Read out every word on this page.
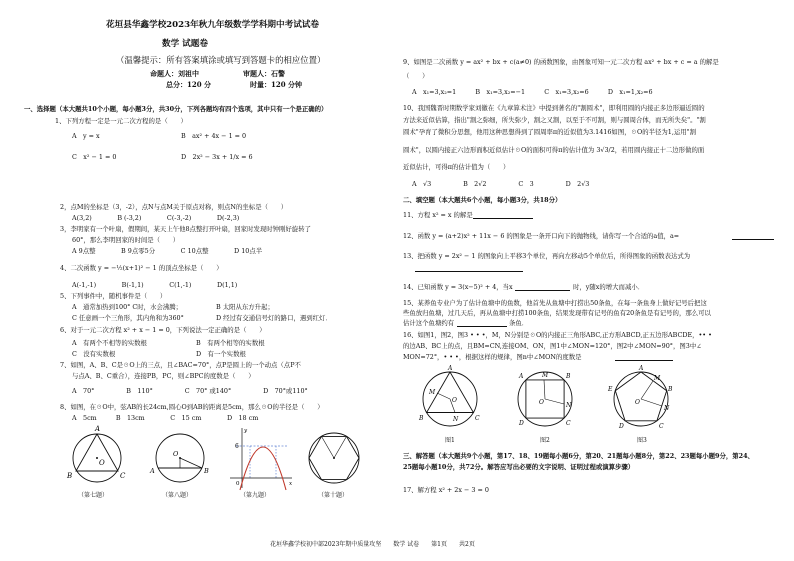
花垣县华鑫学校2023年秋九年级数学学科期中考试试卷
数学 试题卷
（温馨提示：所有答案填涂或填写到答题卡的相应位置）
命题人：刘祖中	审题人：石警
总分：120 分	时量：120 分钟
一、选择题（本大题共10个小题，每小题3分，共30分，下列各题均有四个选项，其中只有一个是正确的）
1、下列方程一定是一元二次方程的是（　　）
A　y = x	B　ax² + 4x − 1 = 0
C　x² − 1 = 0	D　2x² − 3x + 1/x = 6
2，点M的坐标是（3，-2），点N与点M关于原点对称，则点N的坐标是（　　）
A(3,2)　　　　B (-3,2)　　　　C(-3,-2)　　　　D(-2,3)
3，李明家有一个叶扇，假期间，某天上午他8点整打开叶扇，回家时发现时钟刚好旋转了
60°，那么李明回家的时间是（　　）
A 9点整　　　　B 9点零5分　　　　C 10点整　　　　D 10点半
4、二次函数 y = −½(x+1)² − 1 的顶点坐标是（　　）
A(-1,-1)　　　　B(-1,1)　　　　C(1,-1)　　　　D(1,1)
5、下列事件中，随机事件是（　　）
A　通常加热到100° C时，水会沸腾；	B 太阳从东方升起；
C 任意画一个三角形，其内角和为360°	D 经过有交通信号灯的路口，遇到红灯．
6、对于一元二次方程 x² + x − 1 = 0，下列说法一定正确的是（　　）
A　有两个不相等的实数根	B　有两个相等的实数根
C　没有实数根	D　有一个实数根
7、如图，A、B、C是☉O上的三点，且∠BAC=70°，点P是圆上的一个动点（点P不
与点A、B、C重合），连接PB，PC，则∠BPC的度数是（　　）
A　70°　　　　　B　110°　　　　　C　70° 或140°　　　　　D　70°或110°
8、如图，在☉O中，弦AB的长24cm,圆心O到AB的距离是5cm，那么☉O的半径是（　　）
A　5cm　　　B　13cm　　　　C　15 cm　　　　D　18 cm
A
B	C
O
（第七题）
O
A	B
（第八题）
6
0	x
y
（第九题）	（第十题）
9、如图是二次函数 y = ax² + bx + c(a≠0) 的函数图象，由图象可知一元二次方程 ax² + bx + c = a 的解是
（　　）
A　x₁=3,x₂=1　　　B　x₁=3,x₂=−1　　　C　x₁=3,x₂=6　　　D　x₁=1,x₂=6
10、我国魏晋时期数学家刘徽在《九章算术注》中提到著名的"割圆术"，即利用圆的内接正多边形逼近圆的
方法来近似估算，指出"割之弥细，所失弥少，割之又割，以至于不可割，则与圆周合体，而无所失矣"。"割
圆术"孕育了微积分思想，他用这种思想得到了圆周率π的近似值为3.1416如图，☉O的半径为1,运用"割
圆术"，以圆内接正六边形面积近似估计☉O的面积可得π的估计值为 3√3/2，若用圆内接正十二边形做的面
近似估计，可得π的估计值为（　　）
A　√3　　　　　B　2√2　　　　　C　3　　　　　D　2√3
二、填空题（本大题共6个小题，每小题3分，共18分）
11、方程 x² = x 的解是
12、函数 y = (a+2)x² + 11x − 6 的图象是一条开口向下的抛物线，请你写一个合适的a值，a=
13、把函数 y = 2x² − 1 的图象向上平移3个单位，再向左移动5个单位后，所得图象的函数表达式为
14、已知函数 y = 3(x−5)² + 4，当x	时，y随x的增大而减小．
15、某养鱼专业户为了估计鱼塘中的鱼数，他首先从鱼塘中打捞出50条鱼，在每一条鱼身上做好记号后把这
些鱼放归鱼塘，过几天后，再从鱼塘中打捞100条鱼，结果发现带有记号的鱼有20条鱼是有记号的，那么可以
估计这个鱼塘约有	条鱼．
16、如图1，图2，图3 • • •，M，N分别是☉O的内接正三角形ABC,正方形ABCD,正五边形ABCDE，•• •
的边AB、BC上的点，且BM=CN,连接OM、ON，图1中∠MON=120°，图2中∠MON=90°，图3中∠
MON=72°，• • •，根据这样的规律，图n中∠MON的度数是
A
M
O
B	N	C
图1
A	B
M
N
O
D	C
图2
A
M
B
N
O
E
C
D
图3
三、解答题（本大题共9个小题，第17、18、19题每小题6分，第20、21题每小题8分，第22、23题每小题9分，第24、
25题每小题10分，共72分。解答应写出必要的文字说明、证明过程或演算步骤）
17、解方程 x² + 2x − 3 = 0
花垣华鑫学校初中部2023年期中质量攻坚　　数学 试卷　　第1页　　共2页
